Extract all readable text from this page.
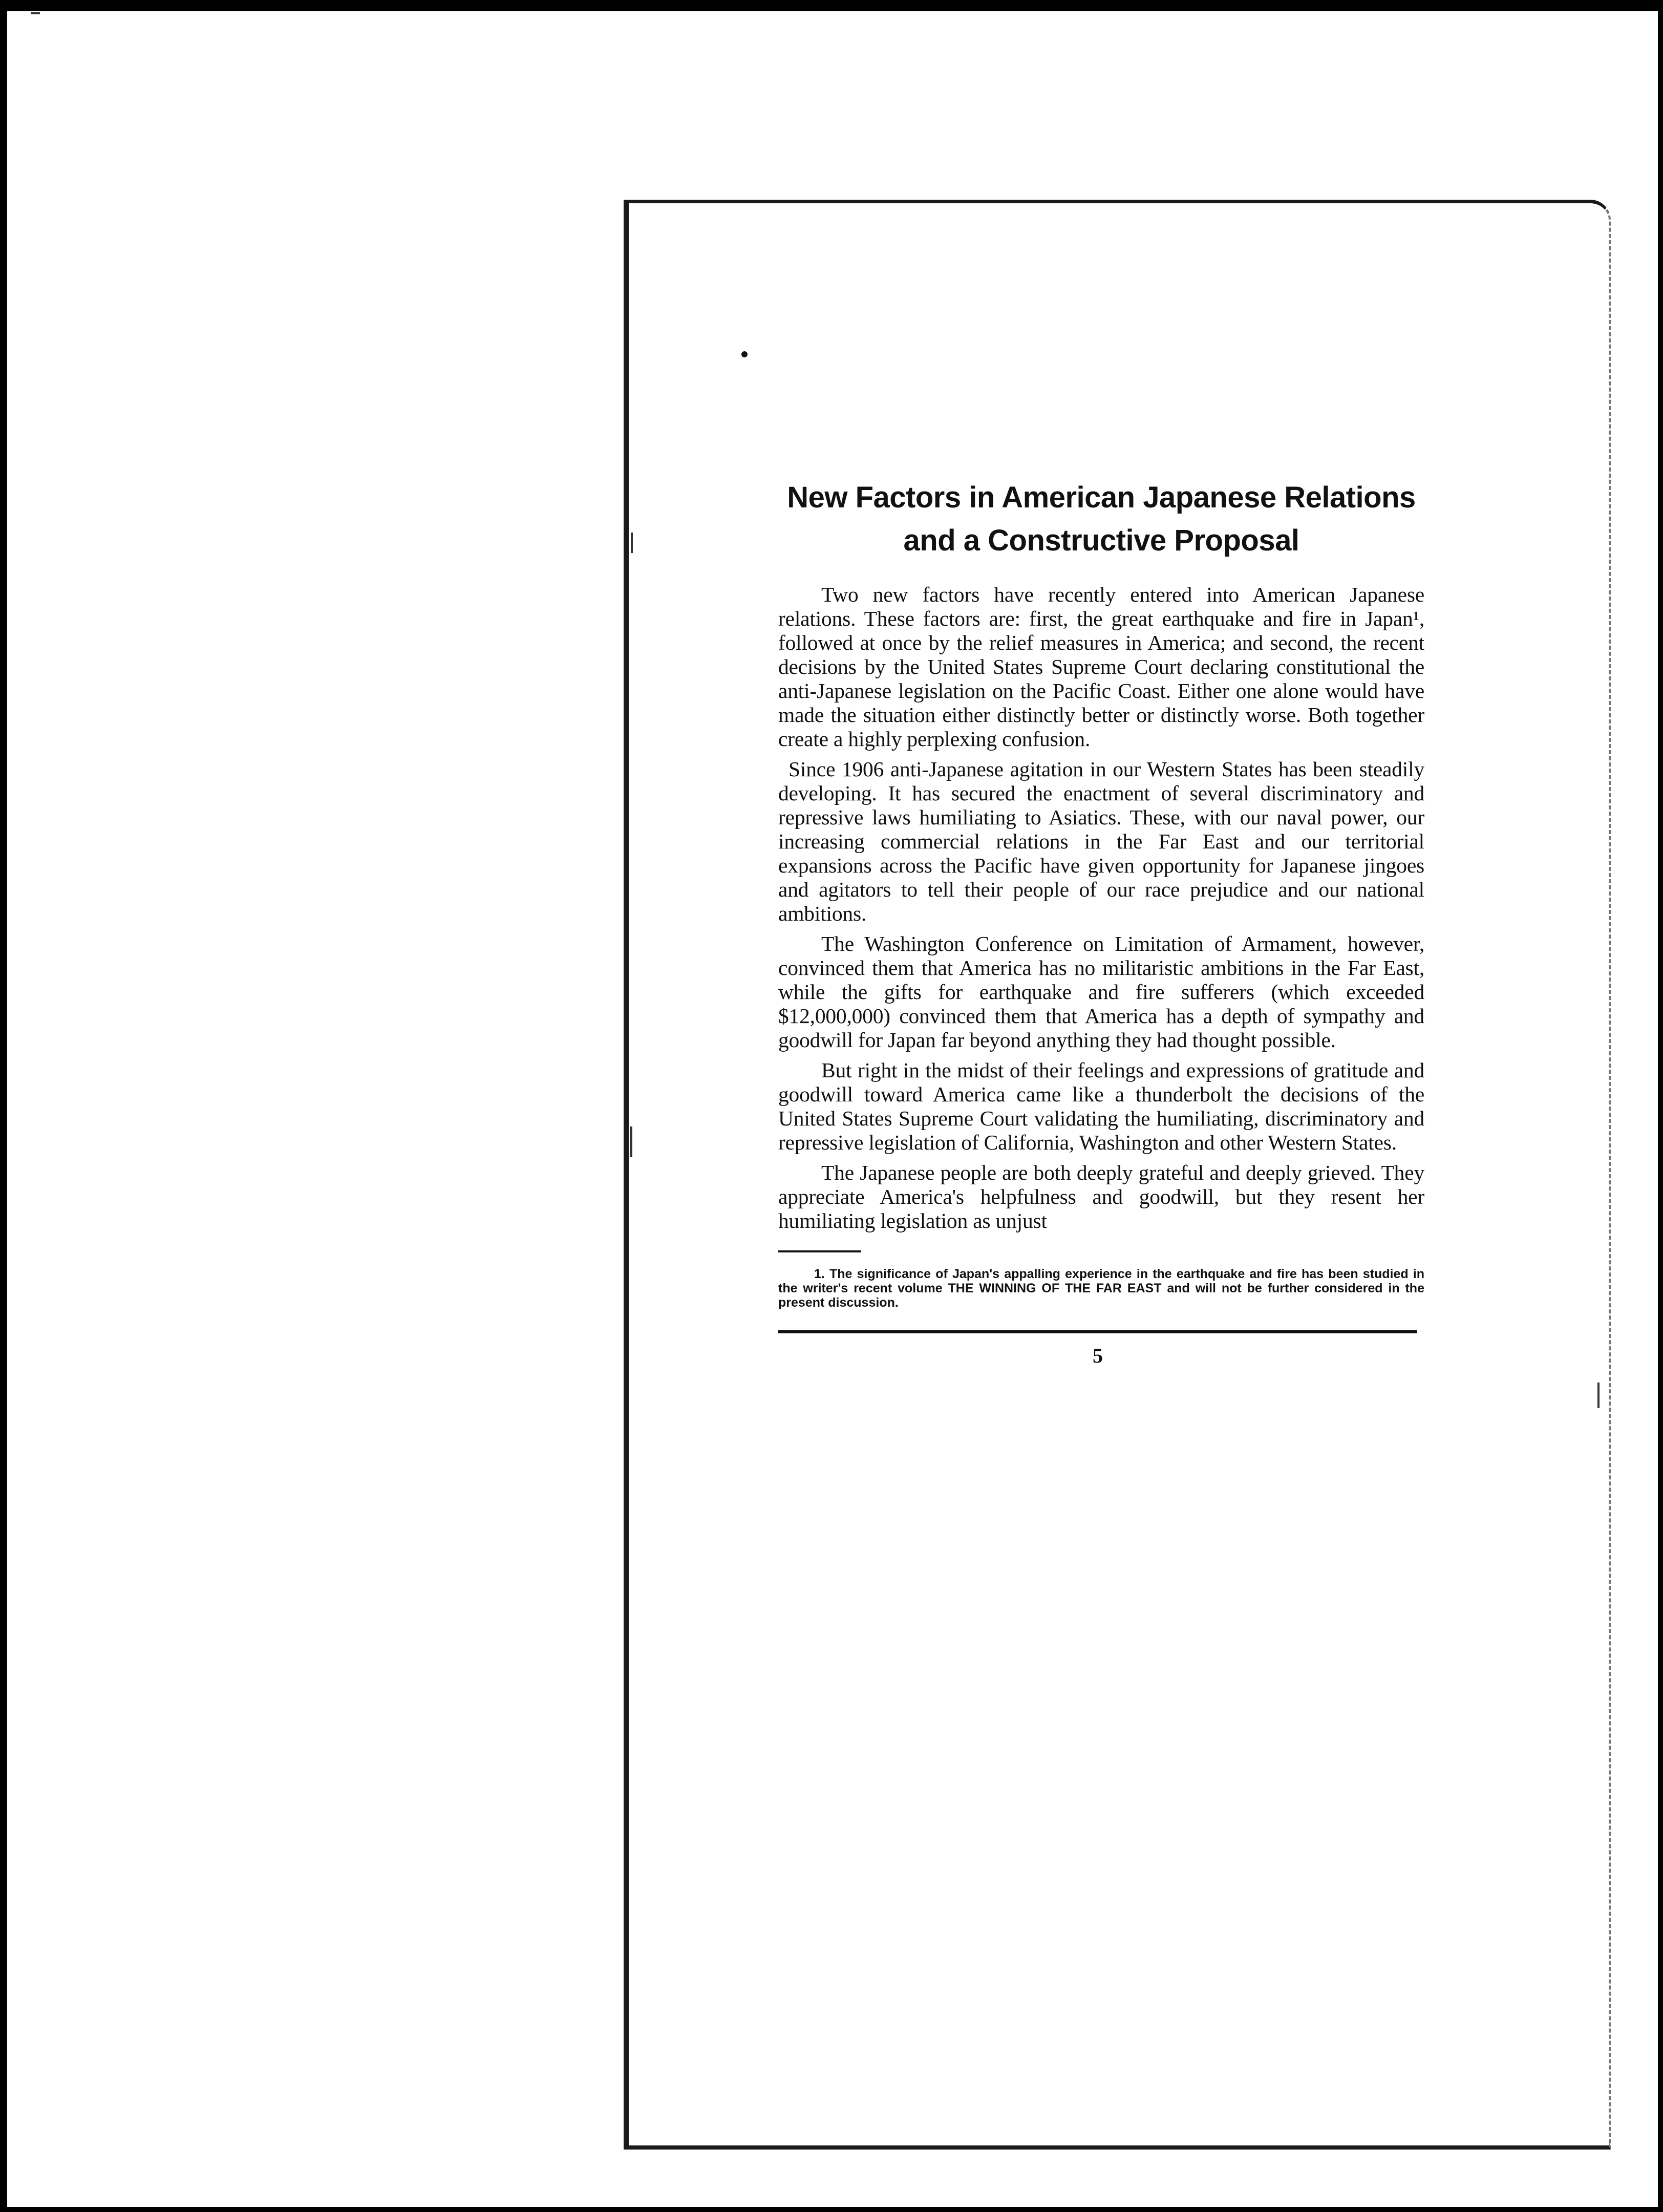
New Factors in American Japanese Relations
and a Constructive Proposal

Two new factors have recently entered into American Japanese relations. These factors are: first, the great earthquake and fire in Japan¹, followed at once by the relief measures in America; and second, the recent decisions by the United States Supreme Court declaring constitutional the anti-Japanese legislation on the Pacific Coast. Either one alone would have made the situation either distinctly better or distinctly worse. Both together create a highly perplexing confusion.

Since 1906 anti-Japanese agitation in our Western States has been steadily developing. It has secured the enactment of several discriminatory and repressive laws humiliating to Asiatics. These, with our naval power, our increasing commercial relations in the Far East and our territorial expansions across the Pacific have given opportunity for Japanese jingoes and agitators to tell their people of our race prejudice and our national ambitions.

The Washington Conference on Limitation of Armament, however, convinced them that America has no militaristic ambitions in the Far East, while the gifts for earthquake and fire sufferers (which exceeded $12,000,000) convinced them that America has a depth of sympathy and goodwill for Japan far beyond anything they had thought possible.

But right in the midst of their feelings and expressions of gratitude and goodwill toward America came like a thunderbolt the decisions of the United States Supreme Court validating the humiliating, discriminatory and repressive legislation of California, Washington and other Western States.

The Japanese people are both deeply grateful and deeply grieved. They appreciate America's helpfulness and goodwill, but they resent her humiliating legislation as unjust

1. The significance of Japan's appalling experience in the earthquake and fire has been studied in the writer's recent volume THE WINNING OF THE FAR EAST and will not be further considered in the present discussion.

5
